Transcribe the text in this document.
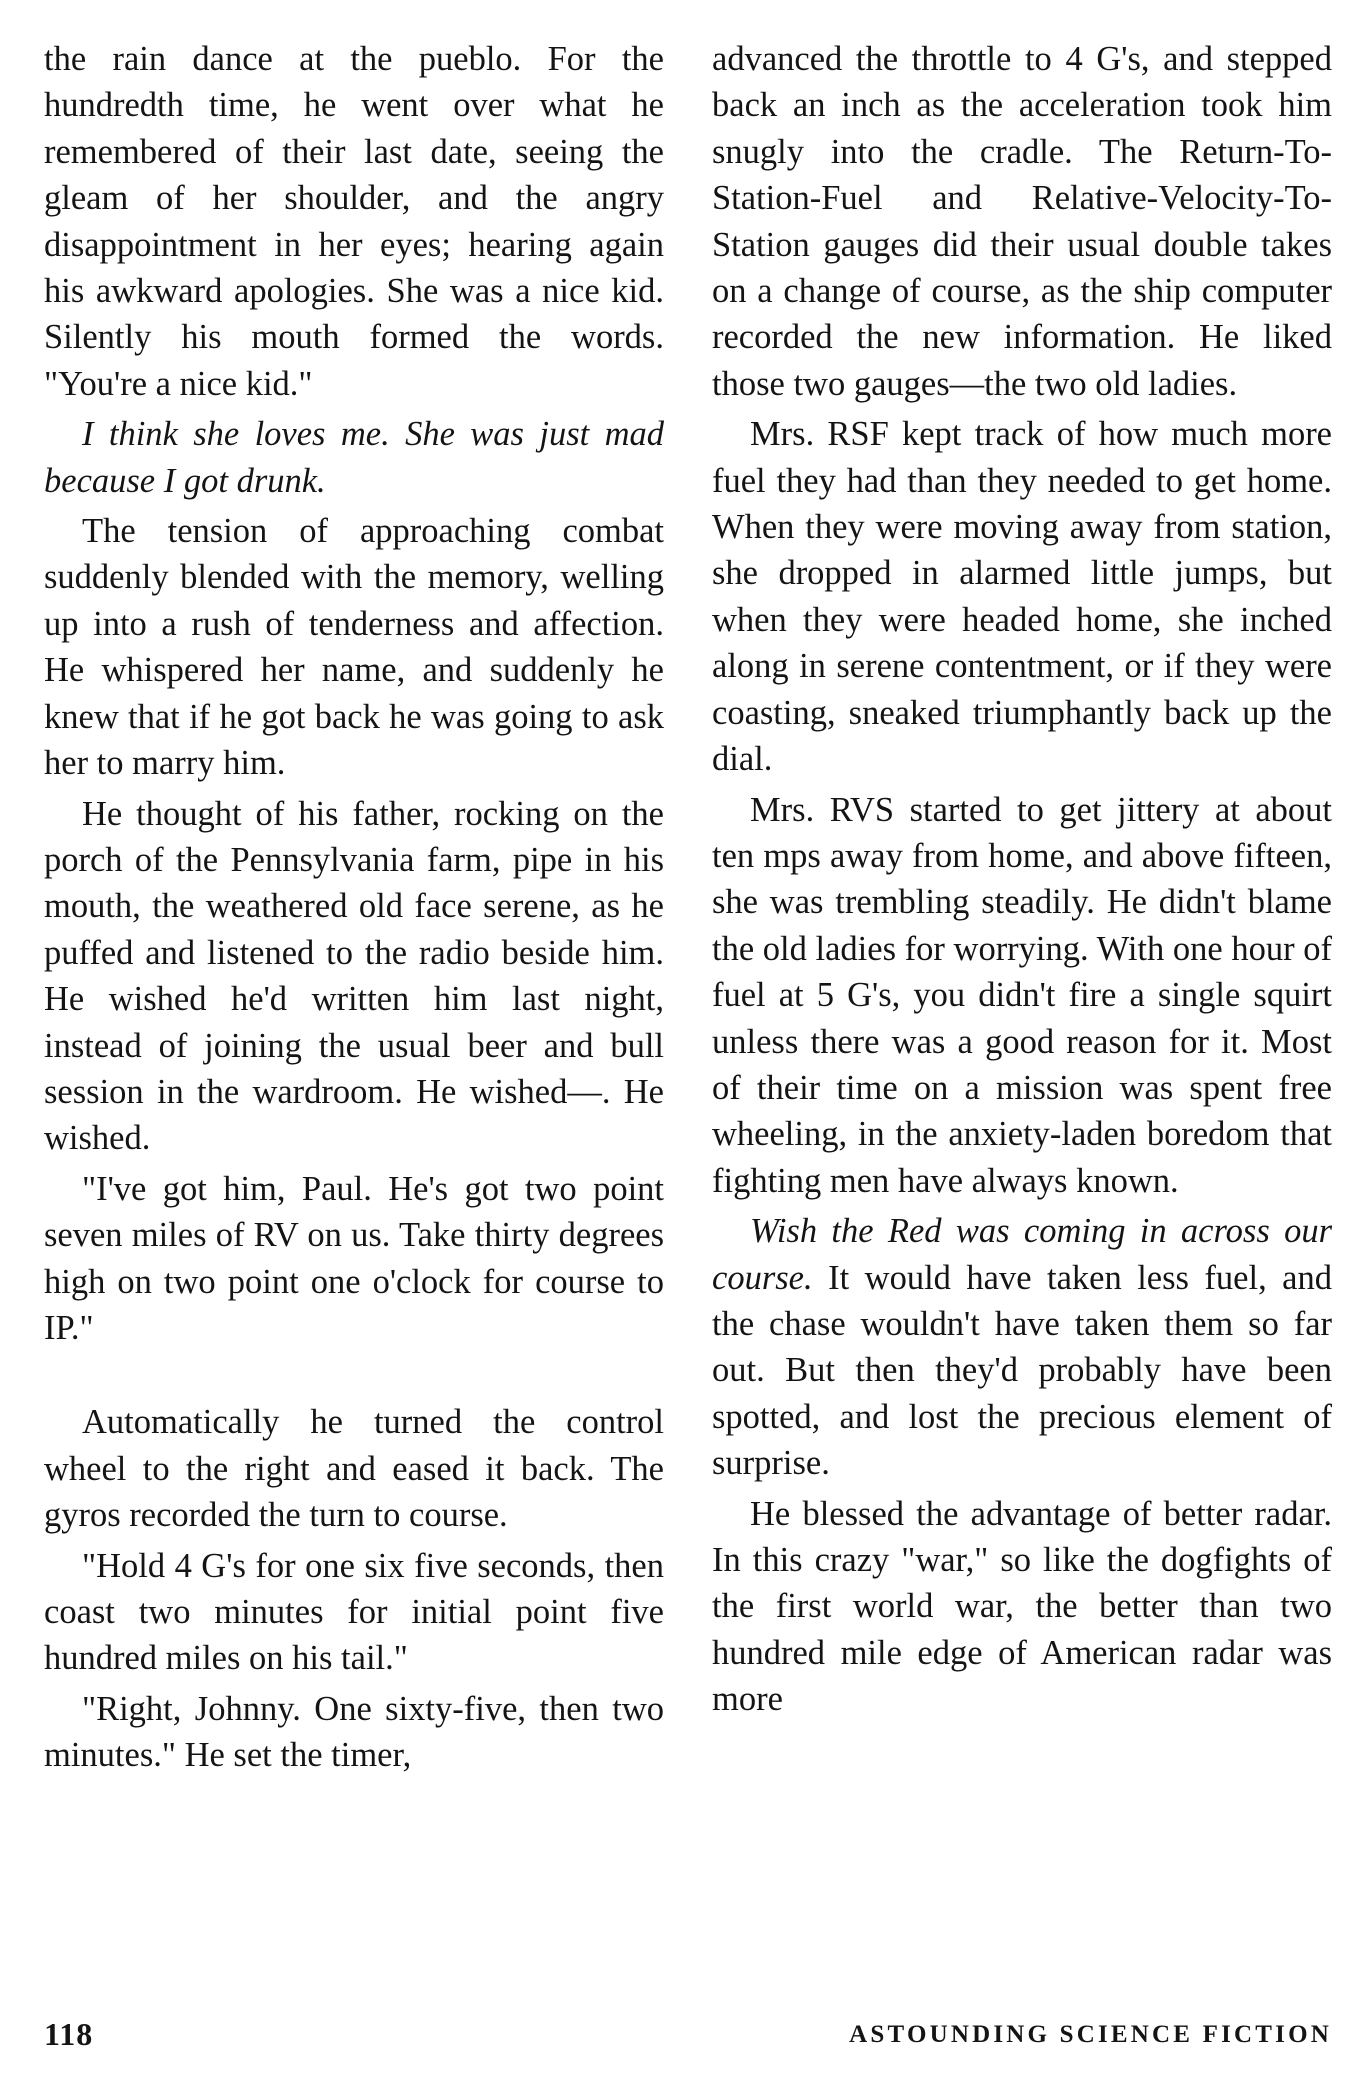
the rain dance at the pueblo. For the hundredth time, he went over what he remembered of their last date, seeing the gleam of her shoulder, and the angry disappointment in her eyes; hearing again his awkward apologies. She was a nice kid. Silently his mouth formed the words. "You're a nice kid."

I think she loves me. She was just mad because I got drunk.

The tension of approaching combat suddenly blended with the memory, welling up into a rush of tenderness and affection. He whispered her name, and suddenly he knew that if he got back he was going to ask her to marry him.

He thought of his father, rocking on the porch of the Pennsylvania farm, pipe in his mouth, the weathered old face serene, as he puffed and listened to the radio beside him. He wished he'd written him last night, instead of joining the usual beer and bull session in the wardroom. He wished—. He wished.

"I've got him, Paul. He's got two point seven miles of RV on us. Take thirty degrees high on two point one o'clock for course to IP."

Automatically he turned the control wheel to the right and eased it back. The gyros recorded the turn to course.

"Hold 4 G's for one six five seconds, then coast two minutes for initial point five hundred miles on his tail."

"Right, Johnny. One sixty-five, then two minutes." He set the timer,

advanced the throttle to 4 G's, and stepped back an inch as the acceleration took him snugly into the cradle. The Return-To-Station-Fuel and Relative-Velocity-To-Station gauges did their usual double takes on a change of course, as the ship computer recorded the new information. He liked those two gauges—the two old ladies.

Mrs. RSF kept track of how much more fuel they had than they needed to get home. When they were moving away from station, she dropped in alarmed little jumps, but when they were headed home, she inched along in serene contentment, or if they were coasting, sneaked triumphantly back up the dial.

Mrs. RVS started to get jittery at about ten mps away from home, and above fifteen, she was trembling steadily. He didn't blame the old ladies for worrying. With one hour of fuel at 5 G's, you didn't fire a single squirt unless there was a good reason for it. Most of their time on a mission was spent free wheeling, in the anxiety-laden boredom that fighting men have always known.

Wish the Red was coming in across our course. It would have taken less fuel, and the chase wouldn't have taken them so far out. But then they'd probably have been spotted, and lost the precious element of surprise.

He blessed the advantage of better radar. In this crazy "war," so like the dogfights of the first world war, the better than two hundred mile edge of American radar was more

118	ASTOUNDING SCIENCE FICTION
